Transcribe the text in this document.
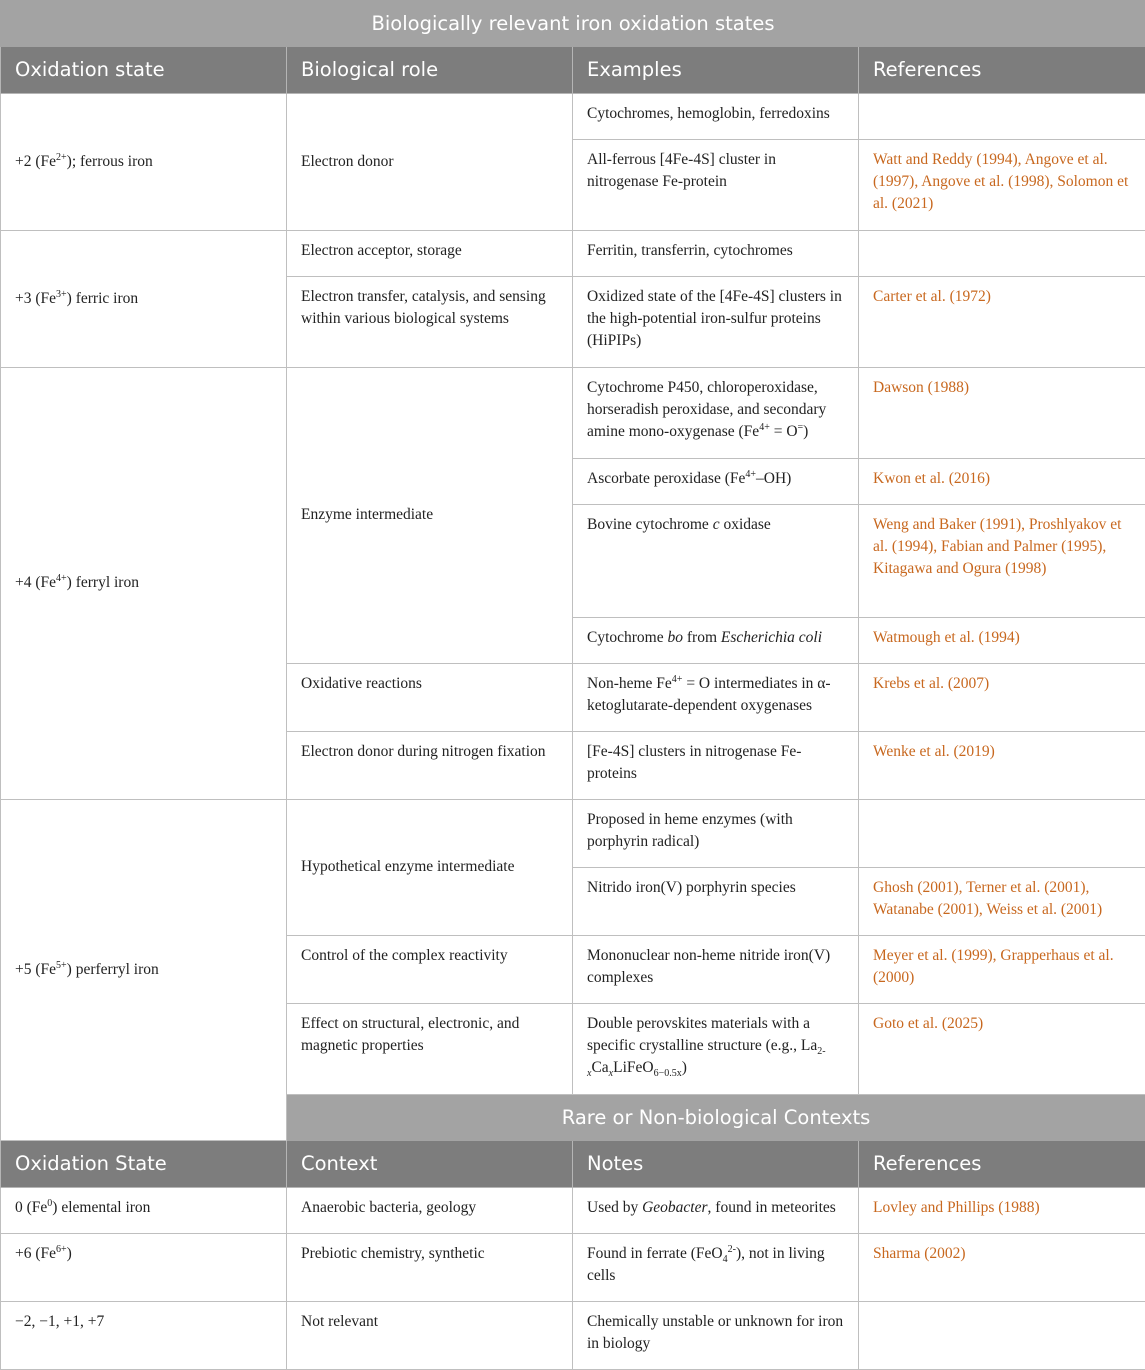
Biologically relevant iron oxidation states			
Oxidation state	Biological role	Examples	References
+2 $(Fe^{2+})$; ferrous iron	Electron donor	Cytochromes, hemoglobin, ferredoxins	
		All-ferrous [4Fe-4S] cluster in nitrogenase Fe-protein	Watt and Reddy (1994), Angove et al. (1997), Angove et al. (1998), Solomon et al. (2021)
+3 $(Fe^{3+})$ ferric iron	Electron acceptor, storage	Ferritin, transferrin, cytochromes	
	Electron transfer, catalysis, and sensing within various biological systems	Oxidized state of the [4Fe-4S] clusters in the high-potential iron-sulfur proteins (HiPIPs)	Carter et al. (1972)
+4 $(Fe^{4+})$ ferryl iron	Enzyme intermediate	Cytochrome P450, chloroperoxidase, horseradish peroxidase, and secondary amine mono-oxygenase $(Fe^{4+} = O^=)$	Dawson (1988)
		Ascorbate peroxidase $(Fe^{4+}-OH)$	Kwon et al. (2016)
		Bovine cytochrome c oxidase	Weng and Baker (1991), Proshlyakov et al. (1994), Fabian and Palmer (1995), Kitagawa and Ogura (1998)
		Cytochrome bo from Escherichia coli	Watmough et al. (1994)
	Oxidative reactions	Non-heme $Fe^{4+} = O$ intermediates in α-ketoglutarate-dependent oxygenases	Krebs et al. (2007)
	Electron donor during nitrogen fixation	[Fe-4S] clusters in nitrogenase Fe-proteins	Wenke et al. (2019)
+5 $(Fe^{5+})$ perferryl iron	Hypothetical enzyme intermediate	Proposed in heme enzymes (with porphyrin radical)	
		Nitrido iron(V) porphyrin species	Ghosh (2001), Terner et al. (2001), Watanabe (2001), Weiss et al. (2001)
	Control of the complex reactivity	Mononuclear non-heme nitride iron(V) complexes	Meyer et al. (1999), Grapperhaus et al. (2000)
	Effect on structural, electronic, and magnetic properties	Double perovskites materials with a specific crystalline structure (e.g., $La_{2-x}Ca_xLiFeO_{6-0.5x}$)	Goto et al. (2025)
	Rare or Non-biological Contexts		
Oxidation State	Context	Notes	References
0 (Fe$^0$) elemental iron	Anaerobic bacteria, geology	Used by Geobacter, found in meteorites	Lovley and Phillips (1988)
+6 $(Fe^{6+})$	Prebiotic chemistry, synthetic	Found in ferrate (FeO$_4^{2-}$), not in living cells	Sharma (2002)
−2, −1, +1, +7	Not relevant	Chemically unstable or unknown for iron in biology	
